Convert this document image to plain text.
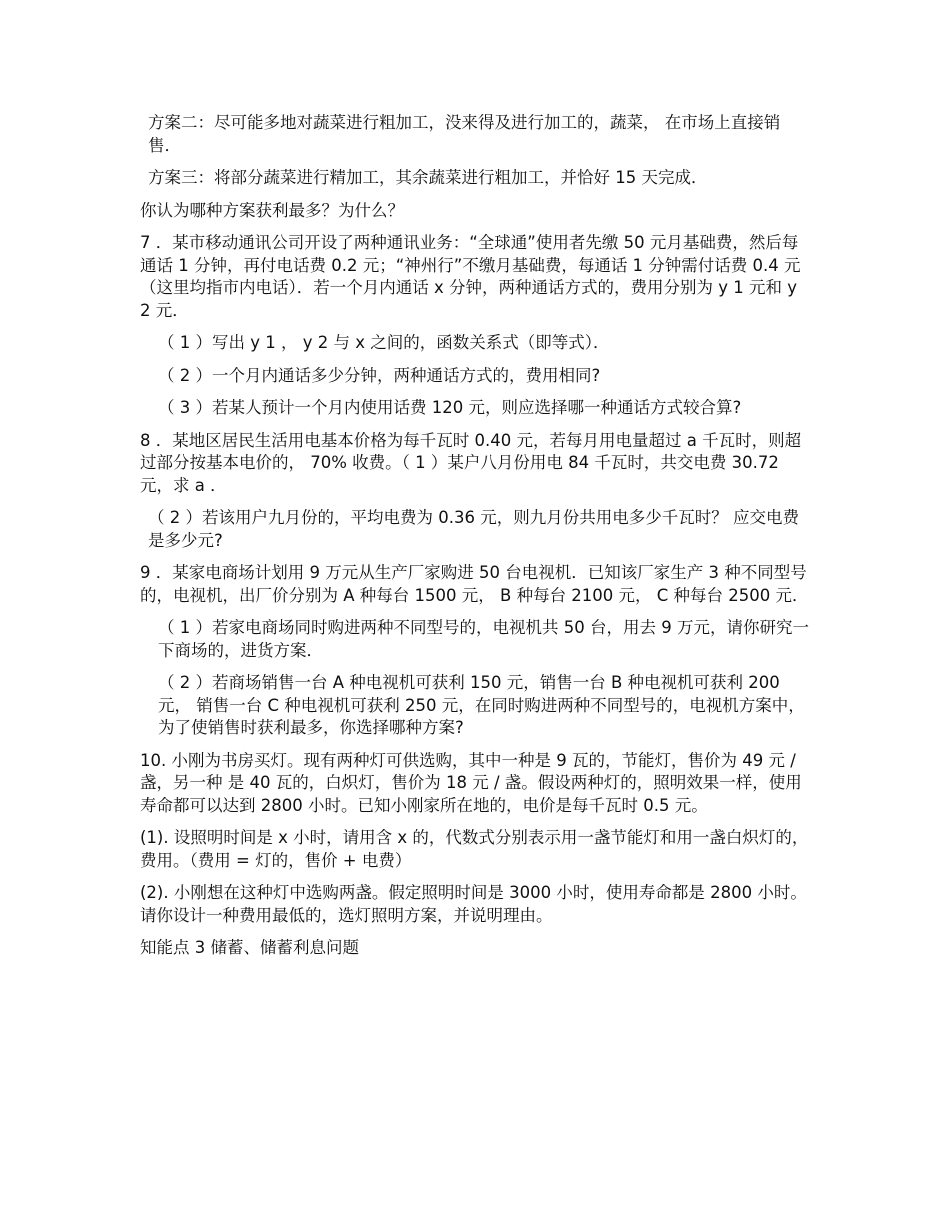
方案二：尽可能多地对蔬菜进行粗加工，没来得及进行加工的，蔬菜， 在市场上直接销售．

方案三：将部分蔬菜进行精加工，其余蔬菜进行粗加工，并恰好 15 天完成．

你认为哪种方案获利最多？为什么？

7 ．某市移动通讯公司开设了两种通讯业务：“全球通”使用者先缴 50 元月基础费，然后每通话 1 分钟，再付电话费 0.2 元；“神州行”不缴月基础费，每通话 1 分钟需付话费 0.4 元（这里均指市内电话）．若一个月内通话 x 分钟，两种通话方式的，费用分别为 y 1 元和 y 2 元．

（ 1 ）写出 y 1 ， y 2 与 x 之间的，函数关系式（即等式）．

（ 2 ）一个月内通话多少分钟，两种通话方式的，费用相同?

（ 3 ）若某人预计一个月内使用话费 120 元，则应选择哪一种通话方式较合算?

8 ．某地区居民生活用电基本价格为每千瓦时 0.40 元，若每月用电量超过 a 千瓦时，则超过部分按基本电价的， 70% 收费。（ 1 ）某户八月份用电 84 千瓦时，共交电费 30.72 元，求 a ．

（ 2 ）若该用户九月份的，平均电费为 0.36 元，则九月份共用电多少千瓦时？ 应交电费是多少元?

9 ．某家电商场计划用 9 万元从生产厂家购进 50 台电视机．已知该厂家生产 3 种不同型号的，电视机，出厂价分别为 A 种每台 1500 元， B 种每台 2100 元， C 种每台 2500 元．

（ 1 ）若家电商场同时购进两种不同型号的，电视机共 50 台，用去 9 万元，请你研究一下商场的，进货方案．

（ 2 ）若商场销售一台 A 种电视机可获利 150 元，销售一台 B 种电视机可获利 200 元， 销售一台 C 种电视机可获利 250 元，在同时购进两种不同型号的，电视机方案中，为了使销售时获利最多，你选择哪种方案?

10. 小刚为书房买灯。现有两种灯可供选购，其中一种是 9 瓦的，节能灯，售价为 49 元 / 盏，另一种 是 40 瓦的，白炽灯，售价为 18 元 / 盏。假设两种灯的，照明效果一样，使用寿命都可以达到 2800 小时。已知小刚家所在地的，电价是每千瓦时 0.5 元。

(1). 设照明时间是 x 小时，请用含 x 的，代数式分别表示用一盏节能灯和用一盏白炽灯的，费用。（费用 = 灯的，售价 + 电费）

(2). 小刚想在这种灯中选购两盏。假定照明时间是 3000 小时，使用寿命都是 2800 小时。请你设计一种费用最低的，选灯照明方案，并说明理由。

知能点 3 储蓄、储蓄利息问题
